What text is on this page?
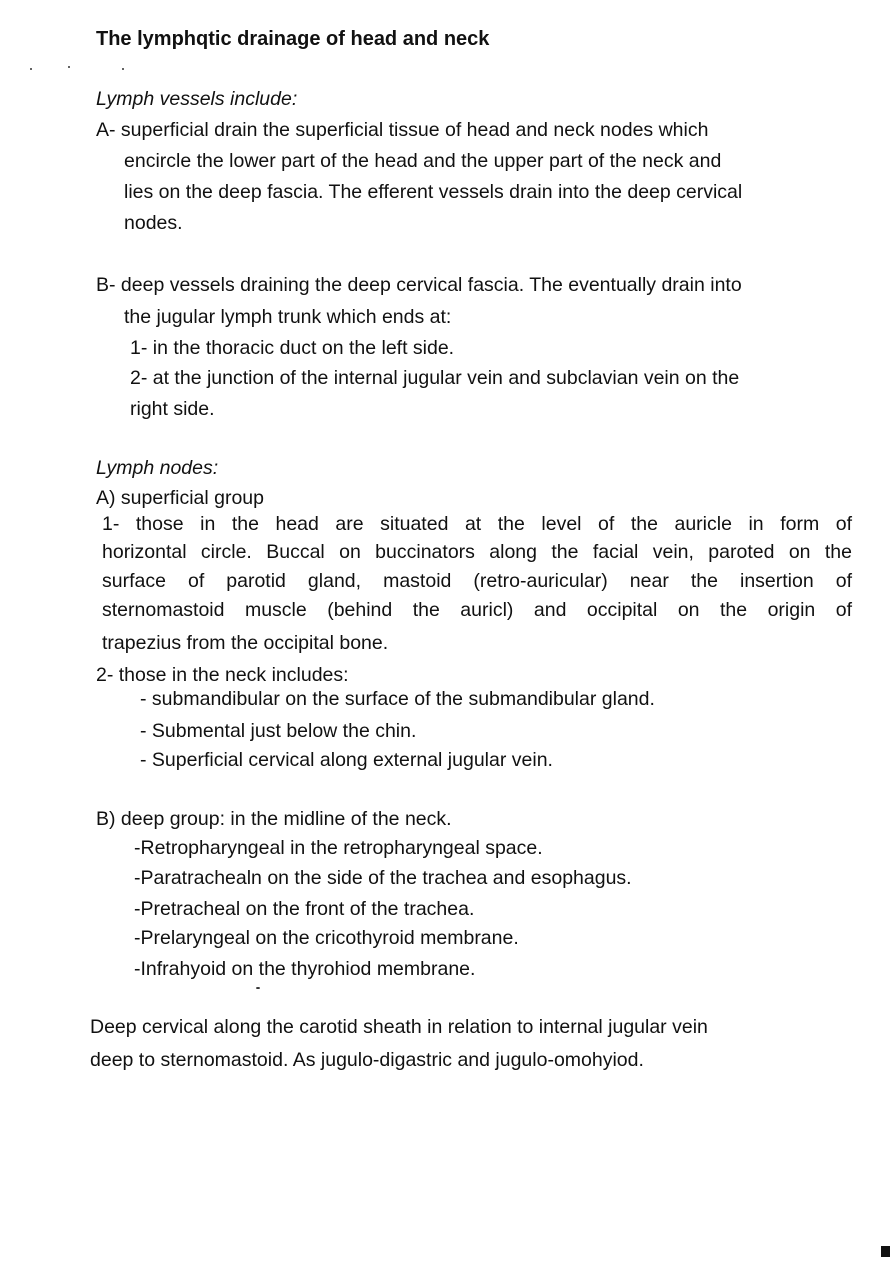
The lymphqtic drainage of head and neck
Lymph vessels include:
A- superficial drain the superficial tissue of head and neck nodes which
encircle the lower part of the head and the upper part of the neck and
lies on the deep fascia. The efferent vessels drain into the deep cervical
nodes.
B- deep vessels draining the deep cervical fascia. The eventually drain into
the jugular lymph trunk which ends at:
1- in the thoracic duct on the left side.
2- at the junction of the internal jugular vein and subclavian vein on the
right side.
Lymph nodes:
A) superficial group
1- those in the head are situated at the level of the auricle in form of
horizontal circle. Buccal on buccinators along the facial vein, paroted on the
surface of parotid gland, mastoid (retro-auricular) near the insertion of
sternomastoid muscle (behind the auricl) and occipital on the origin of
trapezius from the occipital bone.
2- those in the neck includes:
- submandibular on the surface of the submandibular gland.
- Submental just below the chin.
- Superficial cervical along external jugular vein.
B) deep group: in the midline of the neck.
-Retropharyngeal in the retropharyngeal space.
-Paratrachealn on the side of the trachea and esophagus.
-Pretracheal on the front of the trachea.
-Prelaryngeal on the cricothyroid membrane.
-Infrahyoid on the thyrohiod membrane.
Deep cervical along the carotid sheath in relation to internal jugular vein
deep to sternomastoid. As jugulo-digastric and jugulo-omohyiod.
